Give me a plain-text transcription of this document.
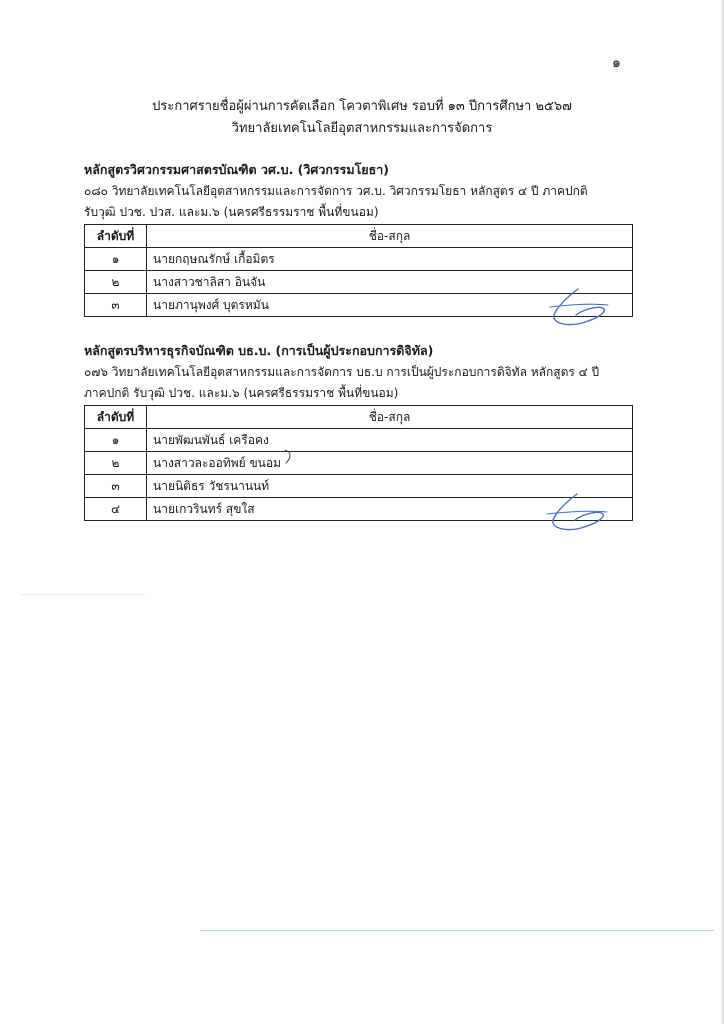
๑
ประกาศรายชื่อผู้ผ่านการคัดเลือก โควตาพิเศษ รอบที่ ๑๓ ปีการศึกษา ๒๕๖๗
วิทยาลัยเทคโนโลยีอุตสาหกรรมและการจัดการ
หลักสูตรวิศวกรรมศาสตรบัณฑิต วศ.บ. (วิศวกรรมโยธา)
๐๘๐ วิทยาลัยเทคโนโลยีอุตสาหกรรมและการจัดการ วศ.บ. วิศวกรรมโยธา หลักสูตร ๔ ปี ภาคปกติ
รับวุฒิ ปวช. ปวส. และม.๖ (นครศรีธรรมราช พื้นที่ขนอม)
ลำดับที่	ชื่อ-สกุล
๑	นายกฤษณรักษ์ เกื้อมิตร
๒	นางสาวชาลิสา อินจัน
๓	นายภานุพงศ์ บุตรหมัน
หลักสูตรบริหารธุรกิจบัณฑิต บธ.บ. (การเป็นผู้ประกอบการดิจิทัล)
๐๗๖ วิทยาลัยเทคโนโลยีอุตสาหกรรมและการจัดการ บธ.บ การเป็นผู้ประกอบการดิจิทัล หลักสูตร ๔ ปี
ภาคปกติ รับวุฒิ ปวช. และม.๖ (นครศรีธรรมราช พื้นที่ขนอม)
ลำดับที่	ชื่อ-สกุล
๑	นายพัฒนพันธ์ เครือคง
๒	นางสาวละออทิพย์ ขนอม
๓	นายนิติธร วัชรนานนท์
๔	นายเกวรินทร์ สุขใส
